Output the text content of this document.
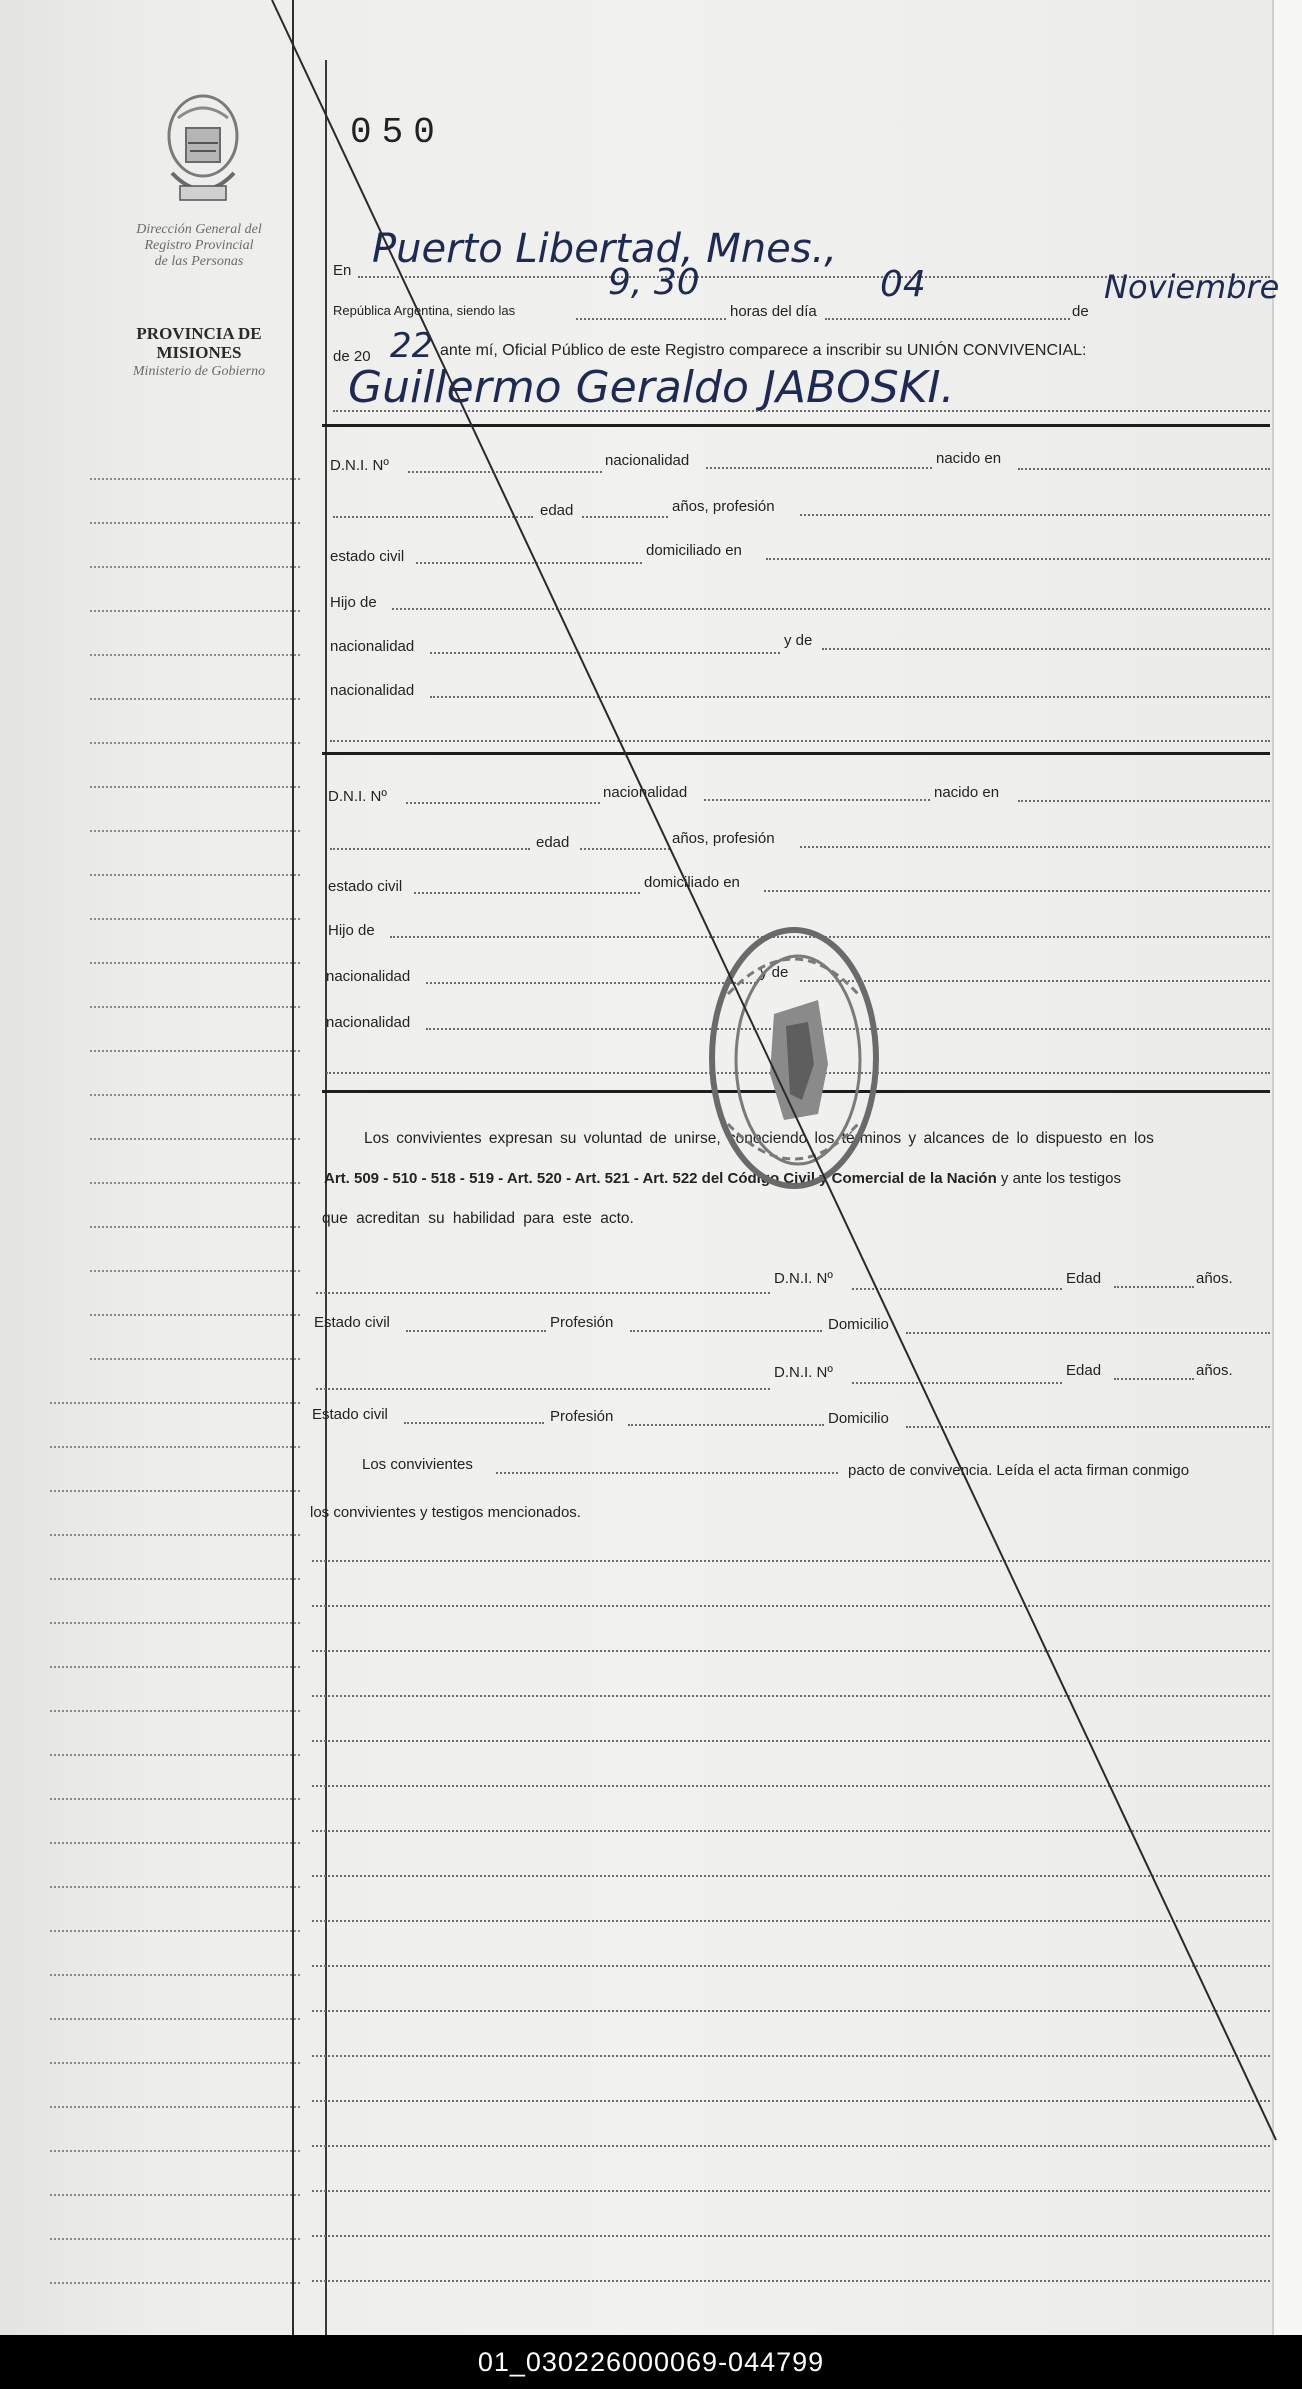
Dirección General del
Registro Provincial
de las Personas
PROVINCIA DE
MISIONES
Ministerio de Gobierno
050
En Puerto Libertad, Mnes.,
República Argentina, siendo las
9, 30
horas del día
04
de
Noviembre
de 20 22 ante mí, Oficial Público de este Registro comparece a inscribir su UNIÓN CONVIVENCIAL:
Guillermo Geraldo JABOSKI.
D.N.I. Nº	nacionalidad	nacido en
edad	años, profesión
estado civil	domiciliado en
Hijo de
nacionalidad	y de
nacionalidad
D.N.I. Nº	nacionalidad	nacido en
edad	años, profesión
estado civil	domiciliado en
Hijo de
nacionalidad	y de
nacionalidad
Los convivientes expresan su voluntad de unirse, conociendo los términos y alcances de lo dispuesto en los
Art. 509 - 510 - 518 - 519 - Art. 520 - Art. 521 - Art. 522 del Código Civil y Comercial de la Nación y ante los testigos
que acreditan su habilidad para este acto.
D.N.I. Nº	Edad	años.
Estado civil	Profesión	Domicilio
D.N.I. Nº	Edad	años.
Estado civil	Profesión	Domicilio
Los convivientes	pacto de convivencia. Leída el acta firman conmigo
los convivientes y testigos mencionados.
01_030226000069-044799
